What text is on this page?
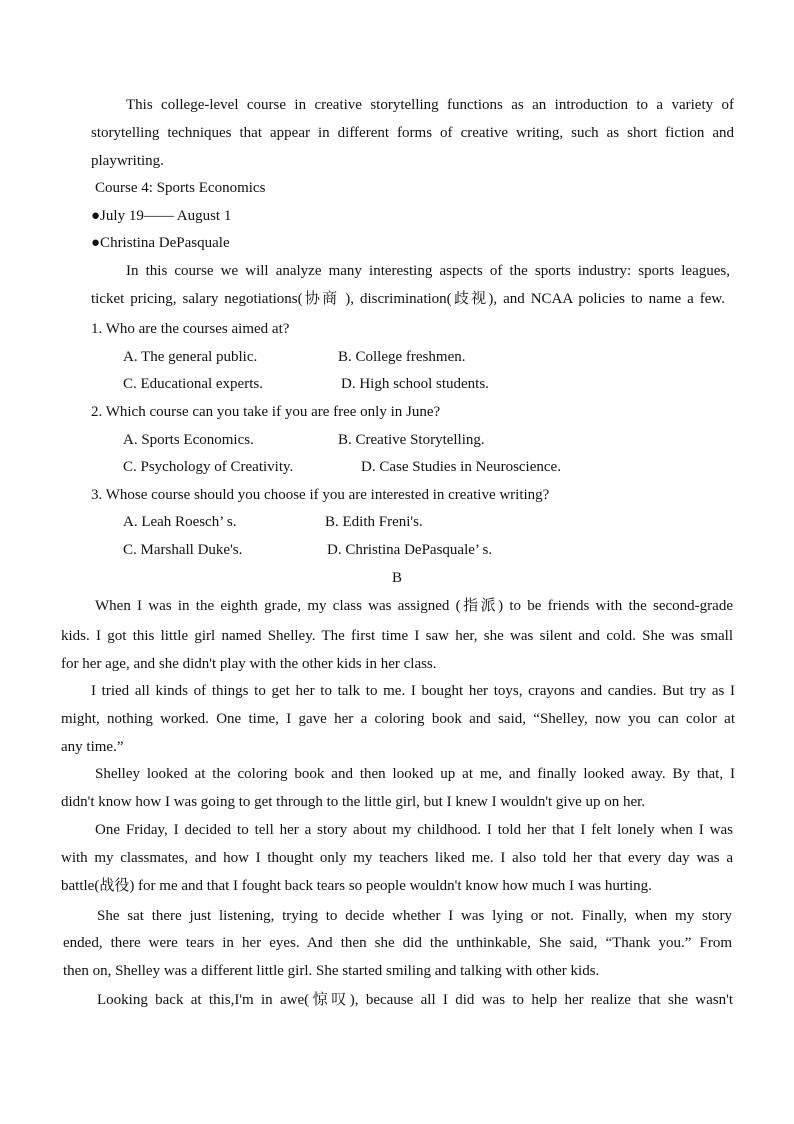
This college-level course in creative storytelling functions as an introduction to a variety of
storytelling techniques that appear in different forms of creative writing, such as short fiction and
playwriting.
Course 4: Sports Economics
●July 19—— August 1
●Christina DePasquale
In this course we will analyze many interesting aspects of the sports industry: sports leagues,
ticket pricing, salary negotiations(协商 ), discrimination(歧视), and NCAA policies to name a few.
1. Who are the courses aimed at?
A. The general public.	B. College freshmen.
C. Educational experts.	D. High school students.
2. Which course can you take if you are free only in June?
A. Sports Economics.	B. Creative Storytelling.
C. Psychology of Creativity.	D. Case Studies in Neuroscience.
3. Whose course should you choose if you are interested in creative writing?
A. Leah Roesch’ s.	B. Edith Freni's.
C. Marshall Duke's.	D. Christina DePasquale’ s.
B
When I was in the eighth grade, my class was assigned (指派) to be friends with the second-grade
kids. I got this little girl named Shelley. The first time I saw her, she was silent and cold. She was small
for her age, and she didn't play with the other kids in her class.
I tried all kinds of things to get her to talk to me. I bought her toys, crayons and candies. But try as I
might, nothing worked. One time, I gave her a coloring book and said, “Shelley, now you can color at
any time.”
Shelley looked at the coloring book and then looked up at me, and finally looked away. By that, I
didn't know how I was going to get through to the little girl, but I knew I wouldn't give up on her.
One Friday, I decided to tell her a story about my childhood. I told her that I felt lonely when I was
with my classmates, and how I thought only my teachers liked me. I also told her that every day was a
battle(战役) for me and that I fought back tears so people wouldn't know how much I was hurting.
She sat there just listening, trying to decide whether I was lying or not. Finally, when my story
ended, there were tears in her eyes. And then she did the unthinkable, She said, “Thank you.” From
then on, Shelley was a different little girl. She started smiling and talking with other kids.
Looking back at this,I'm in awe(惊叹), because all I did was to help her realize that she wasn't
